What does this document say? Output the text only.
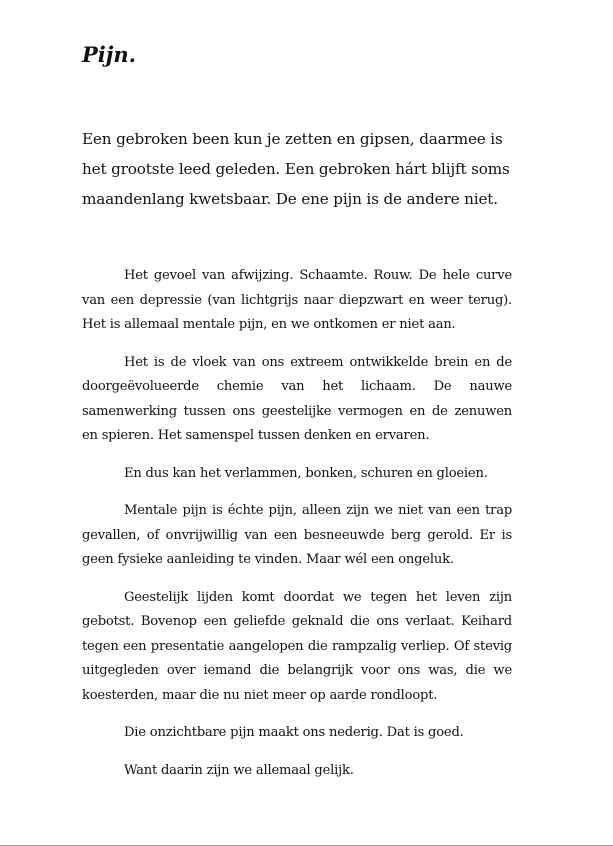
Pijn.

Een gebroken been kun je zetten en gipsen, daarmee is het grootste leed geleden. Een gebroken hárt blijft soms maandenlang kwetsbaar. De ene pijn is de andere niet.

Het gevoel van afwijzing. Schaamte. Rouw. De hele curve van een depressie (van lichtgrijs naar diepzwart en weer terug). Het is allemaal mentale pijn, en we ontkomen er niet aan.

Het is de vloek van ons extreem ontwikkelde brein en de doorgeëvolueerde chemie van het lichaam. De nauwe samenwerking tussen ons geestelijke vermogen en de zenuwen en spieren. Het samenspel tussen denken en ervaren.

En dus kan het verlammen, bonken, schuren en gloeien.

Mentale pijn is échte pijn, alleen zijn we niet van een trap gevallen, of onvrijwillig van een besneeuwde berg gerold. Er is geen fysieke aanleiding te vinden. Maar wél een ongeluk.

Geestelijk lijden komt doordat we tegen het leven zijn gebotst. Bovenop een geliefde geknald die ons verlaat. Keihard tegen een presentatie aangelopen die rampzalig verliep. Of stevig uitgegleden over iemand die belangrijk voor ons was, die we koesterden, maar die nu niet meer op aarde rondloopt.

Die onzichtbare pijn maakt ons nederig. Dat is goed.

Want daarin zijn we allemaal gelijk.
